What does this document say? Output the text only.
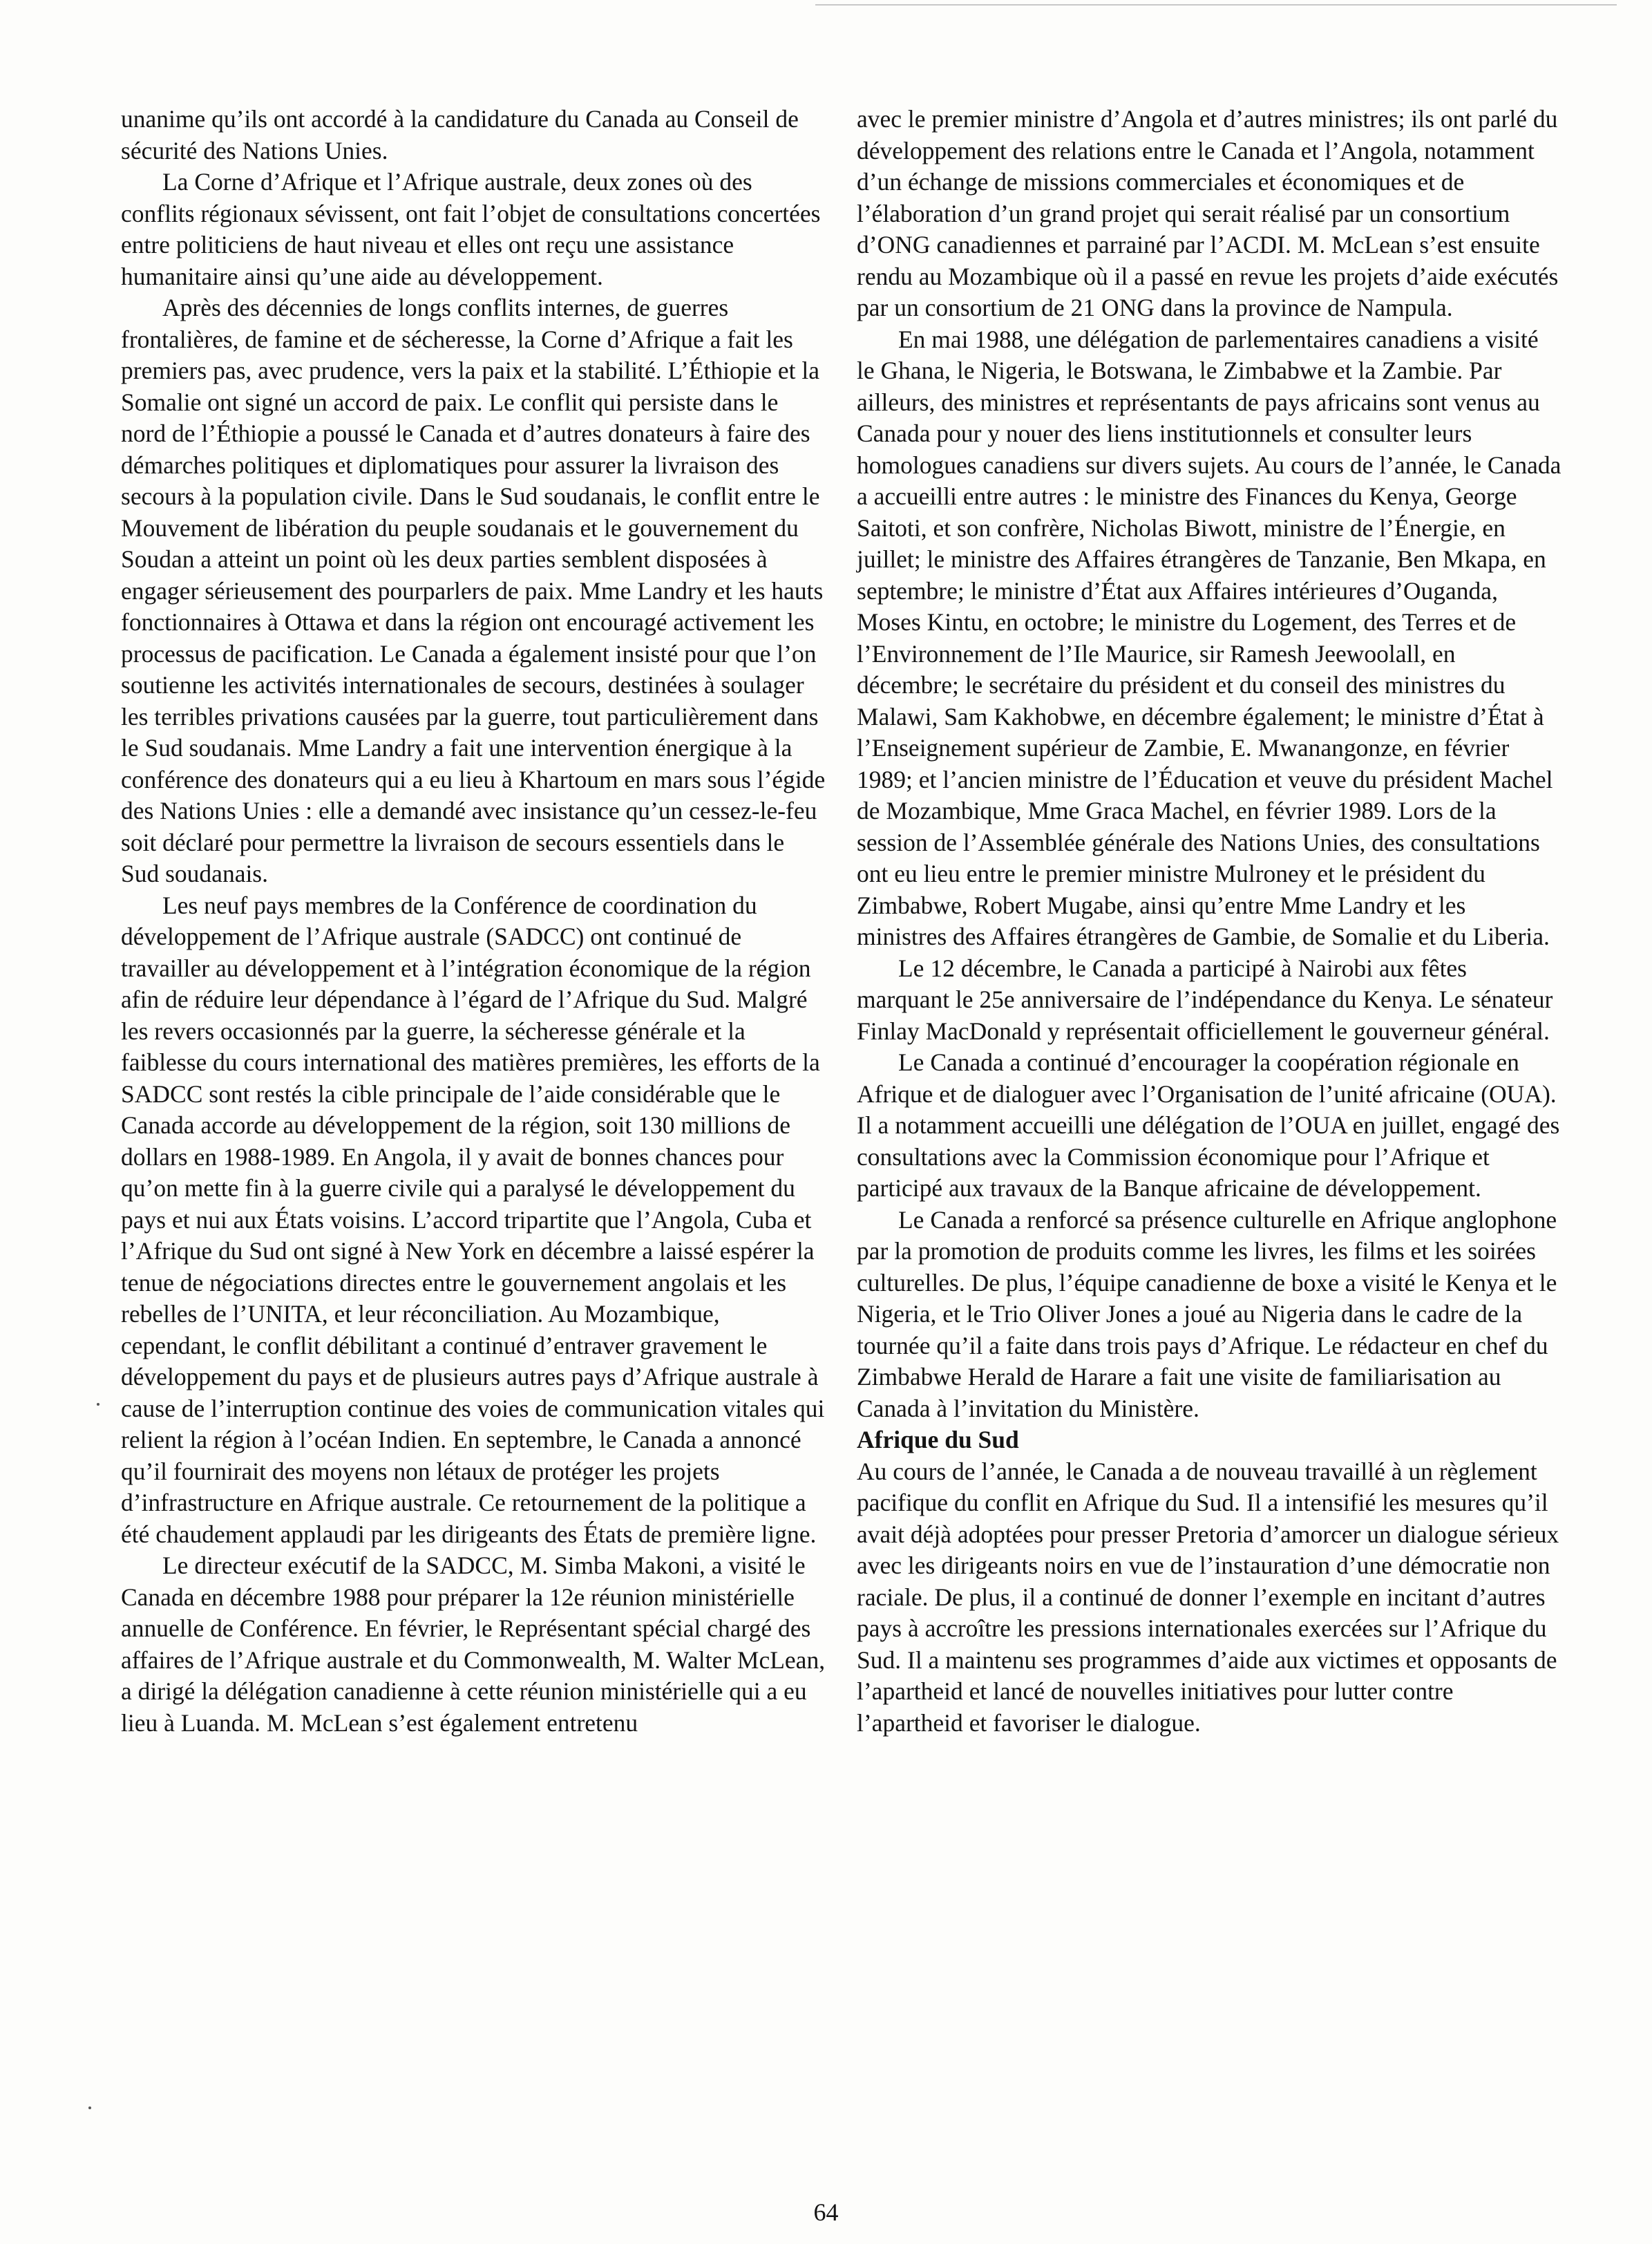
unanime qu’ils ont accordé à la candidature du Canada au Conseil de sécurité des Nations Unies.

La Corne d’Afrique et l’Afrique australe, deux zones où des conflits régionaux sévissent, ont fait l’objet de consultations concertées entre politiciens de haut niveau et elles ont reçu une assistance humanitaire ainsi qu’une aide au développement.

Après des décennies de longs conflits internes, de guerres frontalières, de famine et de sécheresse, la Corne d’Afrique a fait les premiers pas, avec prudence, vers la paix et la stabilité. L’Éthiopie et la Somalie ont signé un accord de paix. Le conflit qui persiste dans le nord de l’Éthiopie a poussé le Canada et d’autres donateurs à faire des démarches politiques et diplomatiques pour assurer la livraison des secours à la population civile. Dans le Sud soudanais, le conflit entre le Mouvement de libération du peuple soudanais et le gouvernement du Soudan a atteint un point où les deux parties semblent disposées à engager sérieusement des pourparlers de paix. Mme Landry et les hauts fonctionnaires à Ottawa et dans la région ont encouragé activement les processus de pacification. Le Canada a également insisté pour que l’on soutienne les activités internationales de secours, destinées à soulager les terribles privations causées par la guerre, tout particulièrement dans le Sud soudanais. Mme Landry a fait une intervention énergique à la conférence des donateurs qui a eu lieu à Khartoum en mars sous l’égide des Nations Unies : elle a demandé avec insistance qu’un cessez-le-feu soit déclaré pour permettre la livraison de secours essentiels dans le Sud soudanais.

Les neuf pays membres de la Conférence de coordination du développement de l’Afrique australe (SADCC) ont continué de travailler au développement et à l’intégration économique de la région afin de réduire leur dépendance à l’égard de l’Afrique du Sud. Malgré les revers occasionnés par la guerre, la sécheresse générale et la faiblesse du cours international des matières premières, les efforts de la SADCC sont restés la cible principale de l’aide considérable que le Canada accorde au développement de la région, soit 130 millions de dollars en 1988-1989. En Angola, il y avait de bonnes chances pour qu’on mette fin à la guerre civile qui a paralysé le développement du pays et nui aux États voisins. L’accord tripartite que l’Angola, Cuba et l’Afrique du Sud ont signé à New York en décembre a laissé espérer la tenue de négociations directes entre le gouvernement angolais et les rebelles de l’UNITA, et leur réconciliation. Au Mozambique, cependant, le conflit débilitant a continué d’entraver gravement le développement du pays et de plusieurs autres pays d’Afrique australe à cause de l’interruption continue des voies de communication vitales qui relient la région à l’océan Indien. En septembre, le Canada a annoncé qu’il fournirait des moyens non létaux de protéger les projets d’infrastructure en Afrique australe. Ce retournement de la politique a été chaudement applaudi par les dirigeants des États de première ligne.

Le directeur exécutif de la SADCC, M. Simba Makoni, a visité le Canada en décembre 1988 pour préparer la 12e réunion ministérielle annuelle de Conférence. En février, le Représentant spécial chargé des affaires de l’Afrique australe et du Commonwealth, M. Walter McLean, a dirigé la délégation canadienne à cette réunion ministérielle qui a eu lieu à Luanda. M. McLean s’est également entretenu

avec le premier ministre d’Angola et d’autres ministres; ils ont parlé du développement des relations entre le Canada et l’Angola, notamment d’un échange de missions commerciales et économiques et de l’élaboration d’un grand projet qui serait réalisé par un consortium d’ONG canadiennes et parrainé par l’ACDI. M. McLean s’est ensuite rendu au Mozambique où il a passé en revue les projets d’aide exécutés par un consortium de 21 ONG dans la province de Nampula.

En mai 1988, une délégation de parlementaires canadiens a visité le Ghana, le Nigeria, le Botswana, le Zimbabwe et la Zambie. Par ailleurs, des ministres et représentants de pays africains sont venus au Canada pour y nouer des liens institutionnels et consulter leurs homologues canadiens sur divers sujets. Au cours de l’année, le Canada a accueilli entre autres : le ministre des Finances du Kenya, George Saitoti, et son confrère, Nicholas Biwott, ministre de l’Énergie, en juillet; le ministre des Affaires étrangères de Tanzanie, Ben Mkapa, en septembre; le ministre d’État aux Affaires intérieures d’Ouganda, Moses Kintu, en octobre; le ministre du Logement, des Terres et de l’Environnement de l’Ile Maurice, sir Ramesh Jeewoolall, en décembre; le secrétaire du président et du conseil des ministres du Malawi, Sam Kakhobwe, en décembre également; le ministre d’État à l’Enseignement supérieur de Zambie, E. Mwanangonze, en février 1989; et l’ancien ministre de l’Éducation et veuve du président Machel de Mozambique, Mme Graca Machel, en février 1989. Lors de la session de l’Assemblée générale des Nations Unies, des consultations ont eu lieu entre le premier ministre Mulroney et le président du Zimbabwe, Robert Mugabe, ainsi qu’entre Mme Landry et les ministres des Affaires étrangères de Gambie, de Somalie et du Liberia.

Le 12 décembre, le Canada a participé à Nairobi aux fêtes marquant le 25e anniversaire de l’indépendance du Kenya. Le sénateur Finlay MacDonald y représentait officiellement le gouverneur général.

Le Canada a continué d’encourager la coopération régionale en Afrique et de dialoguer avec l’Organisation de l’unité africaine (OUA). Il a notamment accueilli une délégation de l’OUA en juillet, engagé des consultations avec la Commission économique pour l’Afrique et participé aux travaux de la Banque africaine de développement.

Le Canada a renforcé sa présence culturelle en Afrique anglophone par la promotion de produits comme les livres, les films et les soirées culturelles. De plus, l’équipe canadienne de boxe a visité le Kenya et le Nigeria, et le Trio Oliver Jones a joué au Nigeria dans le cadre de la tournée qu’il a faite dans trois pays d’Afrique. Le rédacteur en chef du Zimbabwe Herald de Harare a fait une visite de familiarisation au Canada à l’invitation du Ministère.

Afrique du Sud

Au cours de l’année, le Canada a de nouveau travaillé à un règlement pacifique du conflit en Afrique du Sud. Il a intensifié les mesures qu’il avait déjà adoptées pour presser Pretoria d’amorcer un dialogue sérieux avec les dirigeants noirs en vue de l’instauration d’une démocratie non raciale. De plus, il a continué de donner l’exemple en incitant d’autres pays à accroître les pressions internationales exercées sur l’Afrique du Sud. Il a maintenu ses programmes d’aide aux victimes et opposants de l’apartheid et lancé de nouvelles initiatives pour lutter contre l’apartheid et favoriser le dialogue.

64
